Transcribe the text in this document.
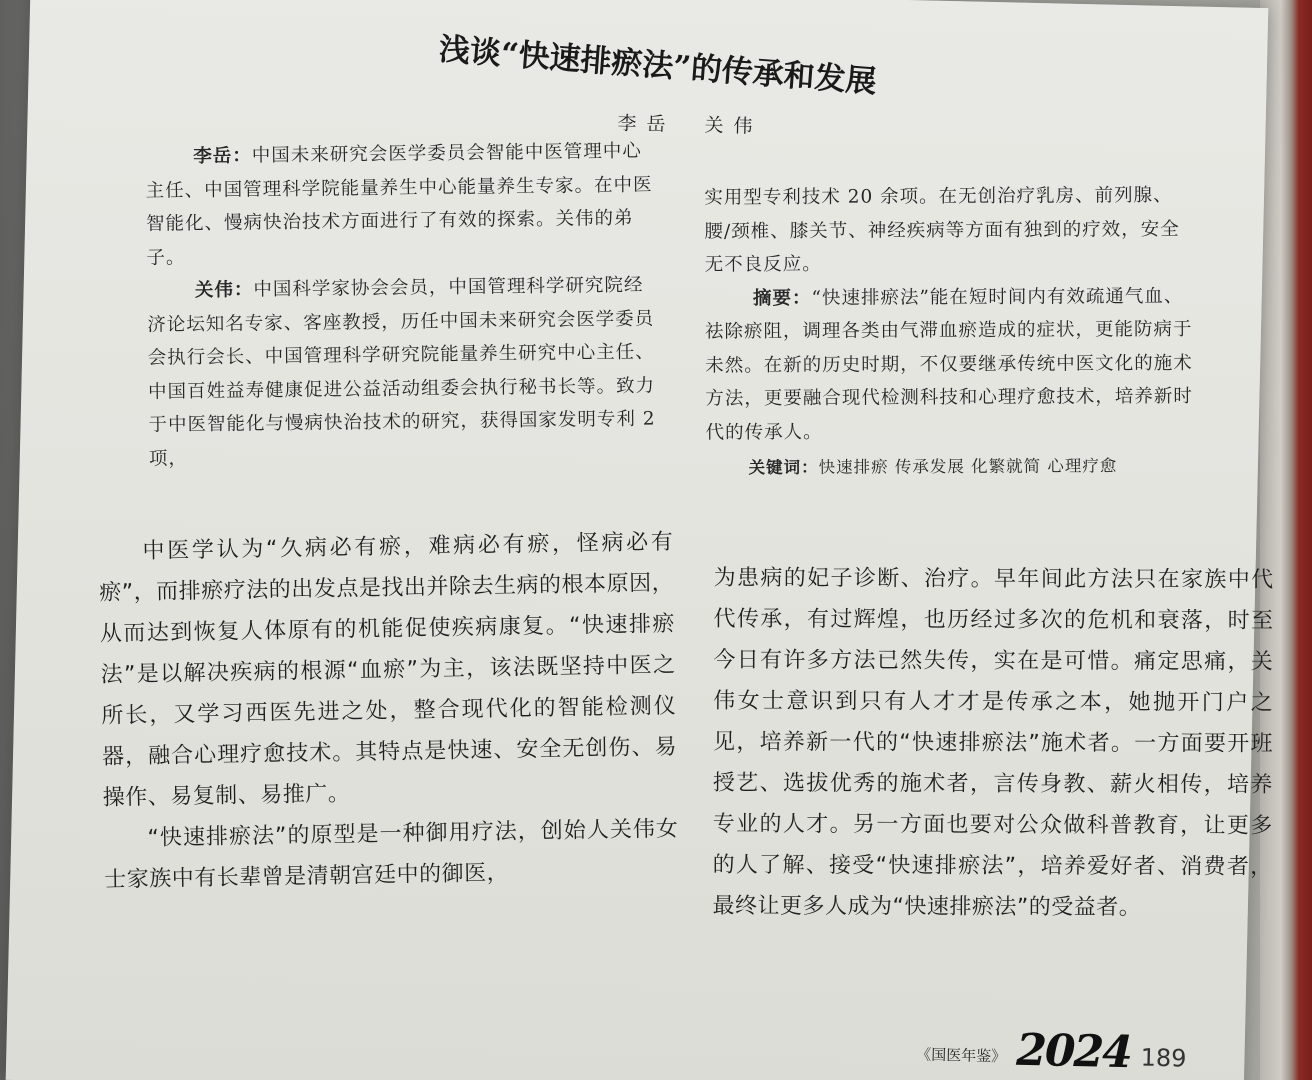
浅谈“快速排瘀法”的传承和发展
李岳　关伟

李岳：中国未来研究会医学委员会智能中医管理中心主任、中国管理科学院能量养生中心能量养生专家。在中医智能化、慢病快治技术方面进行了有效的探索。关伟的弟子。

关伟：中国科学家协会会员，中国管理科学研究院经济论坛知名专家、客座教授，历任中国未来研究会医学委员会执行会长、中国管理科学研究院能量养生研究中心主任、中国百姓益寿健康促进公益活动组委会执行秘书长等。致力于中医智能化与慢病快治技术的研究，获得国家发明专利 2 项，

实用型专利技术 20 余项。在无创治疗乳房、前列腺、腰/颈椎、膝关节、神经疾病等方面有独到的疗效，安全无不良反应。

摘要：“快速排瘀法”能在短时间内有效疏通气血、祛除瘀阻，调理各类由气滞血瘀造成的症状，更能防病于未然。在新的历史时期，不仅要继承传统中医文化的施术方法，更要融合现代检测科技和心理疗愈技术，培养新时代的传承人。

关键词：快速排瘀 传承发展 化繁就简 心理疗愈

中医学认为“久病必有瘀，难病必有瘀，怪病必有瘀”，而排瘀疗法的出发点是找出并除去生病的根本原因，从而达到恢复人体原有的机能促使疾病康复。“快速排瘀法”是以解决疾病的根源“血瘀”为主，该法既坚持中医之所长，又学习西医先进之处，整合现代化的智能检测仪器，融合心理疗愈技术。其特点是快速、安全无创伤、易操作、易复制、易推广。

“快速排瘀法”的原型是一种御用疗法，创始人关伟女士家族中有长辈曾是清朝宫廷中的御医，

为患病的妃子诊断、治疗。早年间此方法只在家族中代代传承，有过辉煌，也历经过多次的危机和衰落，时至今日有许多方法已然失传，实在是可惜。痛定思痛，关伟女士意识到只有人才才是传承之本，她抛开门户之见，培养新一代的“快速排瘀法”施术者。一方面要开班授艺、选拔优秀的施术者，言传身教、薪火相传，培养专业的人才。另一方面也要对公众做科普教育，让更多的人了解、接受“快速排瘀法”，培养爱好者、消费者，最终让更多人成为“快速排瘀法”的受益者。

《国医年鉴》 2024 189
